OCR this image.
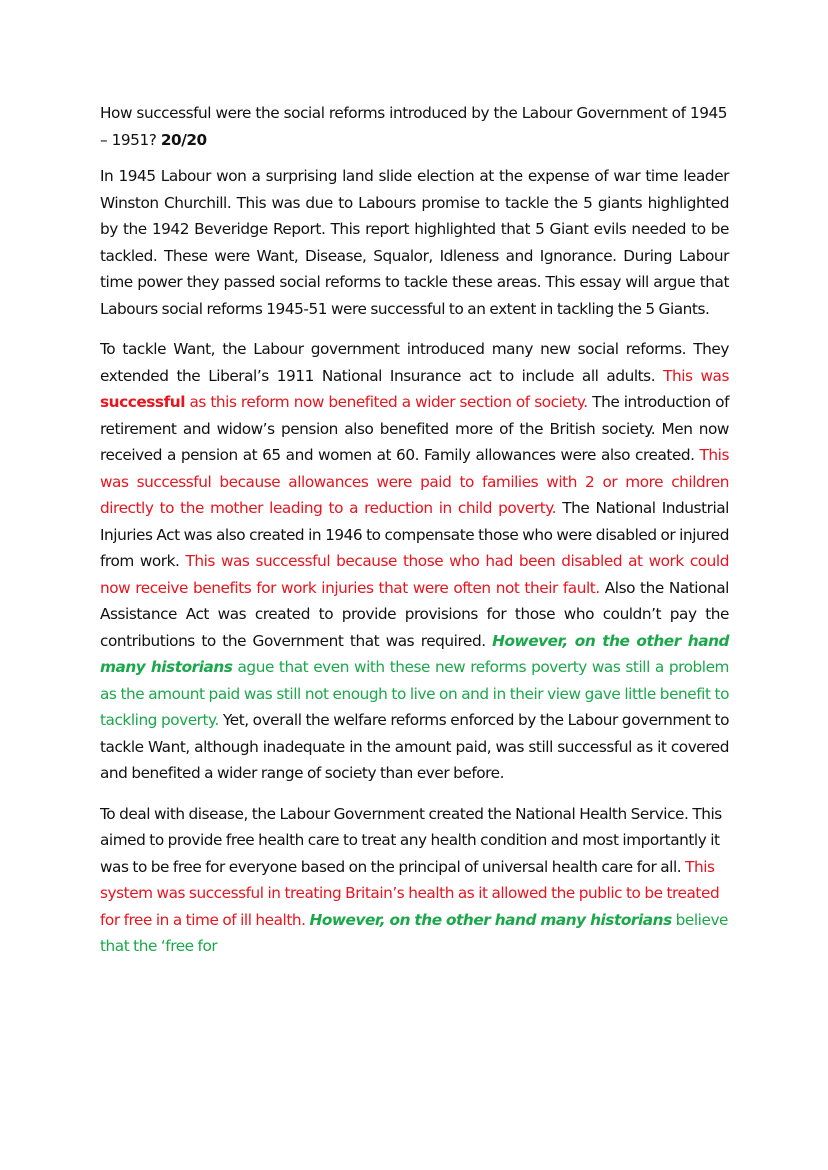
How successful were the social reforms introduced by the Labour Government of 1945 – 1951? 20/20

In 1945 Labour won a surprising land slide election at the expense of war time leader Winston Churchill. This was due to Labours promise to tackle the 5 giants highlighted by the 1942 Beveridge Report. This report highlighted that 5 Giant evils needed to be tackled. These were Want, Disease, Squalor, Idleness and Ignorance. During Labour time power they passed social reforms to tackle these areas. This essay will argue that Labours social reforms 1945-51 were successful to an extent in tackling the 5 Giants.

To tackle Want, the Labour government introduced many new social reforms. They extended the Liberal’s 1911 National Insurance act to include all adults. This was successful as this reform now benefited a wider section of society. The introduction of retirement and widow’s pension also benefited more of the British society. Men now received a pension at 65 and women at 60. Family allowances were also created. This was successful because allowances were paid to families with 2 or more children directly to the mother leading to a reduction in child poverty. The National Industrial Injuries Act was also created in 1946 to compensate those who were disabled or injured from work. This was successful because those who had been disabled at work could now receive benefits for work injuries that were often not their fault. Also the National Assistance Act was created to provide provisions for those who couldn’t pay the contributions to the Government that was required. However, on the other hand many historians ague that even with these new reforms poverty was still a problem as the amount paid was still not enough to live on and in their view gave little benefit to tackling poverty. Yet, overall the welfare reforms enforced by the Labour government to tackle Want, although inadequate in the amount paid, was still successful as it covered and benefited a wider range of society than ever before.

To deal with disease, the Labour Government created the National Health Service. This aimed to provide free health care to treat any health condition and most importantly it was to be free for everyone based on the principal of universal health care for all. This system was successful in treating Britain’s health as it allowed the public to be treated for free in a time of ill health. However, on the other hand many historians believe that the ‘free for
